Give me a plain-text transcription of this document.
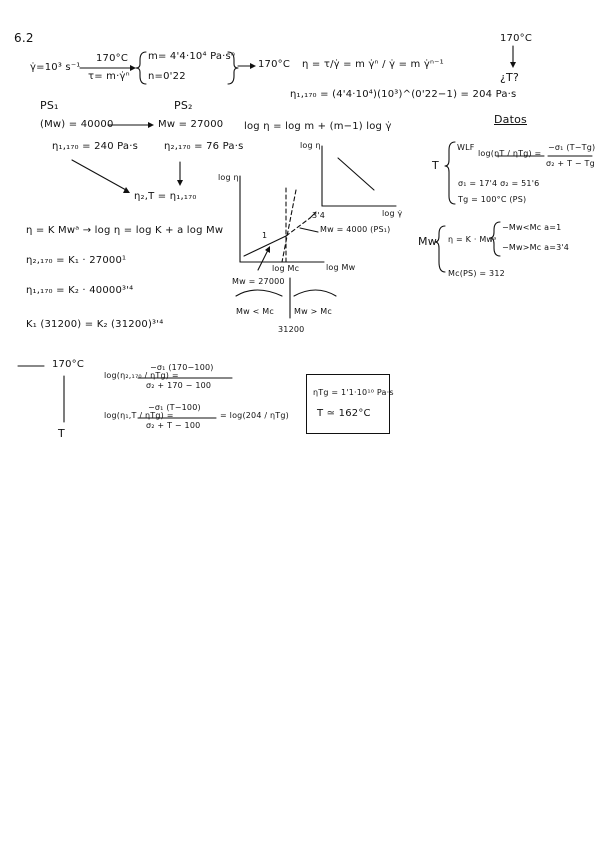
6.2	170°C
¿T?
γ̇=10³ s⁻¹
170°C
τ= m·γ̇ⁿ
m= 4'4·10⁴ Pa·sⁿ
n=0'22
170°C η = τ/γ̇ = m γ̇ⁿ / γ̇ = m γ̇ⁿ⁻¹
η₁,₁₇₀ = (4'4·10⁴)(10³)^(0'22−1) = 204 Pa·s
PS₁	PS₂
(Mw) = 40000	Mw = 27000
η₁,₁₇₀ = 240 Pa·s	η₂,₁₇₀ = 76 Pa·s
log η = log m + (m−1) log γ̇
η₂,T = η₁,₁₇₀
η = K Mwᵃ → log η = log K + a log Mw
η₂,₁₇₀ = K₁ · 27000¹
η₁,₁₇₀ = K₂ · 40000³'⁴
K₁ (31200) = K₂ (31200)³'⁴
log η
log γ̇
log η
log Mw
1
3'4
log Mc
Mw = 27000
Mw = 4000 (PS₁)
Mw < Mc	Mw > Mc
31200
Datos
T
WLF
log(ηT / ηTg) =
−σ₁ (T−Tg)
σ₂ + T − Tg
σ₁ = 17'4 σ₂ = 51'6
Tg = 100°C (PS)
Mw η = K · Mwᵃ
−Mw<Mc a=1
−Mw>Mc a=3'4
Mc(PS) = 312
170°C
T
log(η₂,₁₇₀ / ηTg) =
−σ₁ (170−100)
σ₂ + 170 − 100
log(η₁,T / ηTg) =
−σ₁ (T−100)
σ₂ + T − 100
= log(204 / ηTg)
ηTg = 1'1·10¹⁰ Pa·s
T ≃ 162°C
